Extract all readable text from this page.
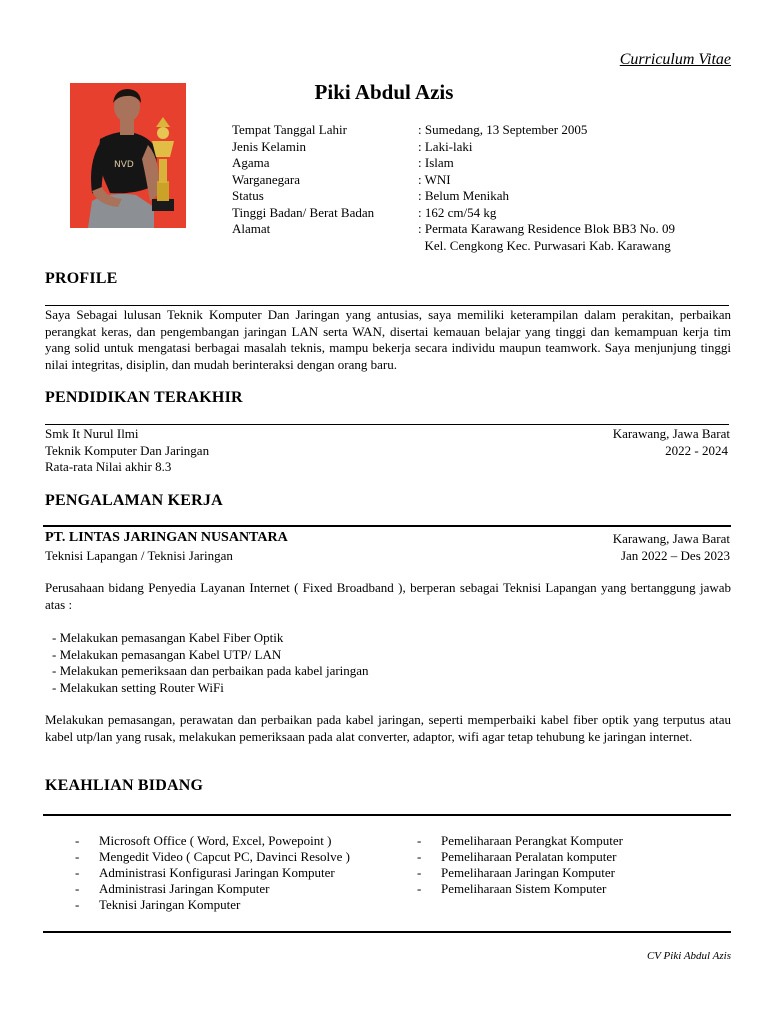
Curriculum Vitae
Piki Abdul Azis
NVD
Tempat Tanggal Lahir	: Sumedang, 13 September 2005
Jenis Kelamin	: Laki-laki
Agama	: Islam
Warganegara	: WNI
Status	: Belum Menikah
Tinggi Badan/ Berat Badan	: 162 cm/54 kg
Alamat	: Permata Karawang Residence Blok BB3 No. 09
Kel. Cengkong Kec. Purwasari Kab. Karawang
PROFILE
Saya Sebagai lulusan Teknik Komputer Dan Jaringan yang antusias, saya memiliki keterampilan dalam perakitan, perbaikan perangkat keras, dan pengembangan jaringan LAN serta WAN, disertai kemauan belajar yang tinggi dan kemampuan kerja tim yang solid untuk mengatasi berbagai masalah teknis, mampu bekerja secara individu maupun teamwork. Saya menjunjung tinggi nilai integritas, disiplin, dan mudah berinteraksi dengan orang baru.
PENDIDIKAN TERAKHIR
Smk It Nurul Ilmi	Karawang, Jawa Barat
Teknik Komputer Dan Jaringan	2022 - 2024
Rata-rata Nilai akhir 8.3
PENGALAMAN KERJA
PT. LINTAS JARINGAN NUSANTARA	Karawang, Jawa Barat
Teknisi Lapangan / Teknisi Jaringan	Jan 2022 – Des 2023
Perusahaan bidang Penyedia Layanan Internet ( Fixed Broadband ), berperan sebagai Teknisi Lapangan yang bertanggung jawab atas :
- Melakukan pemasangan Kabel Fiber Optik
- Melakukan pemasangan Kabel UTP/ LAN
- Melakukan pemeriksaan dan perbaikan pada kabel jaringan
- Melakukan setting Router WiFi
Melakukan pemasangan, perawatan dan perbaikan pada kabel jaringan, seperti memperbaiki kabel fiber optik yang terputus atau kabel utp/lan yang rusak, melakukan pemeriksaan pada alat converter, adaptor, wifi agar tetap tehubung ke jaringan internet.
KEAHLIAN BIDANG
-	Microsoft Office ( Word, Excel, Powepoint )
-	Mengedit Video ( Capcut PC, Davinci Resolve )
-	Administrasi Konfigurasi Jaringan Komputer
-	Administrasi Jaringan Komputer
-	Teknisi Jaringan Komputer
-	Pemeliharaan Perangkat Komputer
-	Pemeliharaan Peralatan komputer
-	Pemeliharaan Jaringan Komputer
-	Pemeliharaan Sistem Komputer
CV Piki Abdul Azis
